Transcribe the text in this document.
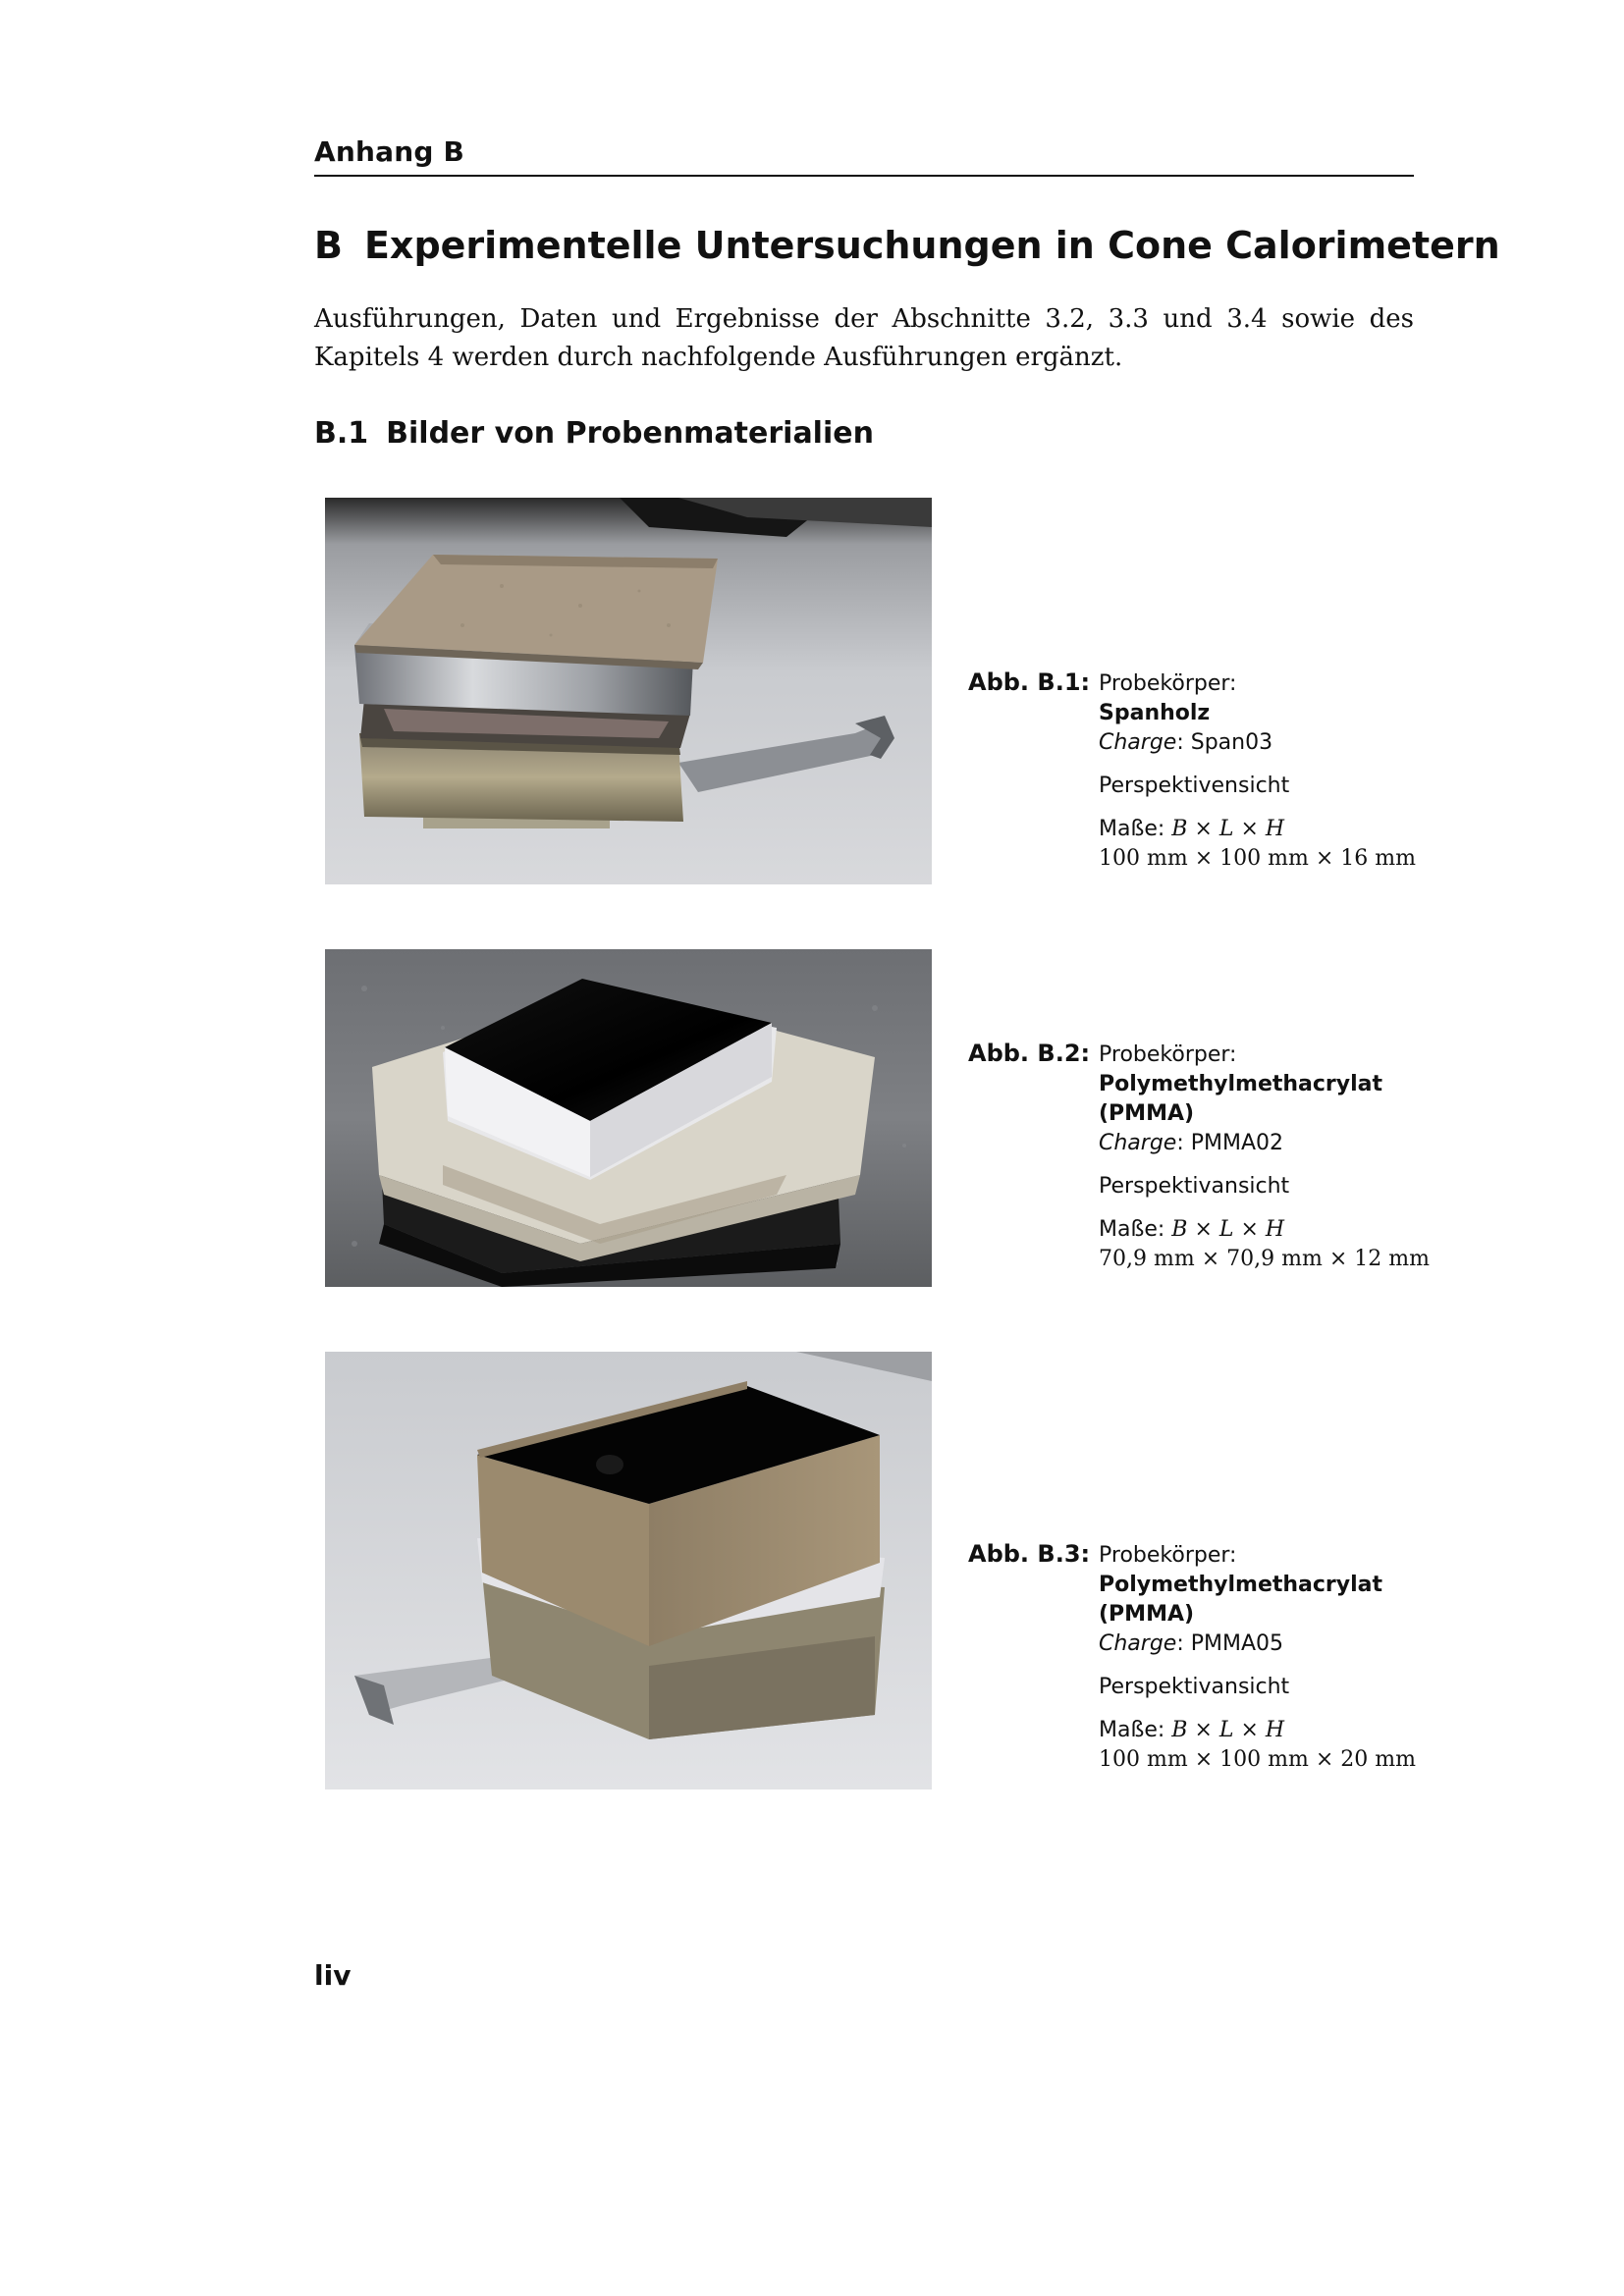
Anhang B
B Experimentelle Untersuchungen in Cone Calorimetern
Ausführungen, Daten und Ergebnisse der Abschnitte 3.2, 3.3 und 3.4 sowie des Kapitels 4 werden durch nachfolgende Ausführungen ergänzt.
B.1 Bilder von Probenmaterialien
Abb. B.1: Probekörper:
Spanholz
Charge: Span03
Perspektivensicht
Maße: B × L × H
100 mm × 100 mm × 16 mm
Abb. B.2: Probekörper:
Polymethylmethacrylat (PMMA)
Charge: PMMA02
Perspektivansicht
Maße: B × L × H
70,9 mm × 70,9 mm × 12 mm
Abb. B.3: Probekörper:
Polymethylmethacrylat (PMMA)
Charge: PMMA05
Perspektivansicht
Maße: B × L × H
100 mm × 100 mm × 20 mm
liv
